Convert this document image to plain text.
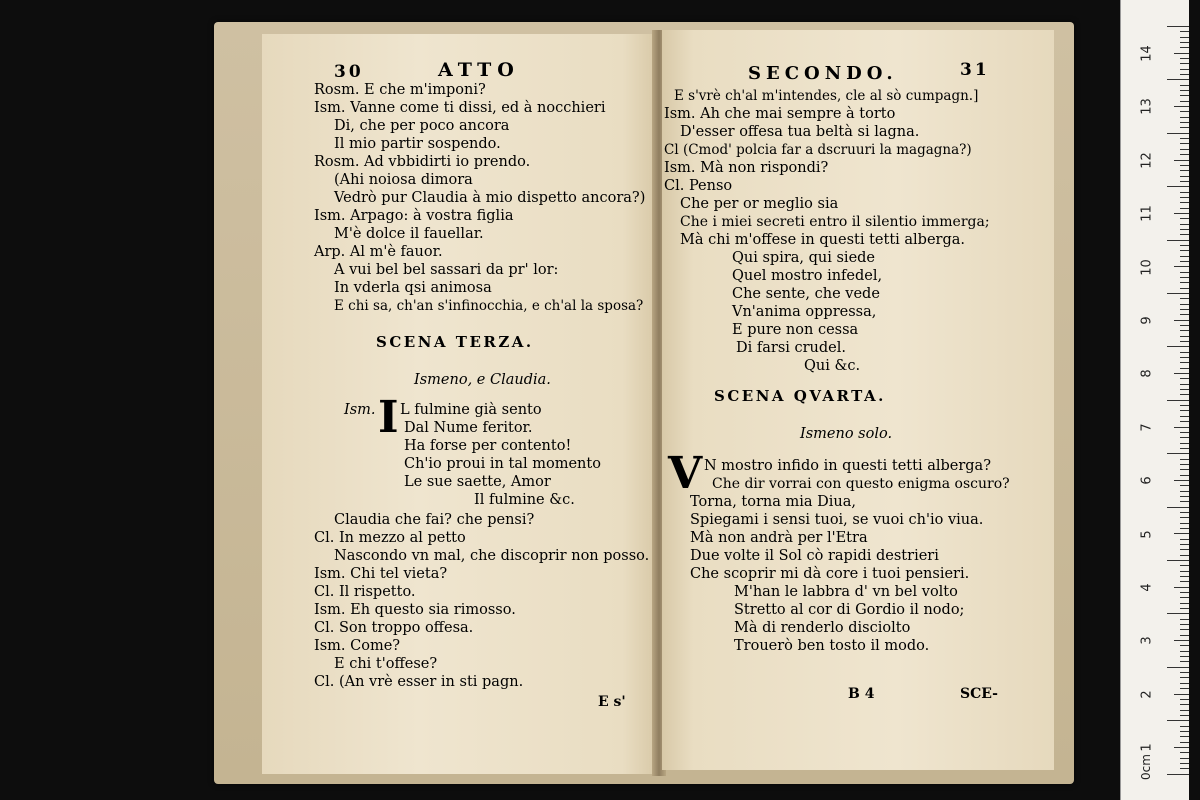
30	ATTO
Rosm. E che m'imponi?
Ism. Vanne come ti dissi, ed à nocchieri
Di, che per poco ancora
Il mio partir sospendo.
Rosm. Ad vbbidirti io prendo.
(Ahi noiosa dimora
Vedrò pur Claudia à mio dispetto ancora?)
Ism. Arpago: à vostra figlia
M'è dolce il fauellar.
Arp. Al m'è fauor.
A vui bel bel sassari da pr' lor:
In vderla qsi animosa
E chi sa, ch'an s'infinocchia, e ch'al la sposa?
SCENA TERZA.
Ismeno, e Claudia.
Ism. I L fulmine già sento
Dal Nume feritor.
Ha forse per contento!
Ch'io proui in tal momento
Le sue saette, Amor
Il fulmine &c.
Claudia che fai? che pensi?
Cl. In mezzo al petto
Nascondo vn mal, che discoprir non posso.
Ism. Chi tel vieta?
Cl. Il rispetto.
Ism. Eh questo sia rimosso.
Cl. Son troppo offesa.
Ism. Come?
E chi t'offese?
Cl. (An vrè esser in sti pagn.
E s'
SECONDO.	31
E s'vrè ch'al m'intendes, cle al sò cumpagn.]
Ism. Ah che mai sempre à torto
D'esser offesa tua beltà si lagna.
Cl (Cmod' polcia far a dscruuri la magagna?)
Ism. Mà non rispondi?
Cl. Penso
Che per or meglio sia
Che i miei secreti entro il silentio immerga;
Mà chi m'offese in questi tetti alberga.
Qui spira, qui siede
Quel mostro infedel,
Che sente, che vede
Vn'anima oppressa,
E pure non cessa
Di farsi crudel.
Qui &c.
SCENA QVARTA.
Ismeno solo.
V N mostro infido in questi tetti alberga?
Che dir vorrai con questo enigma oscuro?
Torna, torna mia Diua,
Spiegami i sensi tuoi, se vuoi ch'io viua.
Mà non andrà per l'Etra
Due volte il Sol cò rapidi destrieri
Che scoprir mi dà core i tuoi pensieri.
M'han le labbra d' vn bel volto
Stretto al cor di Gordio il nodo;
Mà di renderlo disciolto
Trouerò ben tosto il modo.
B 4	SCE-
14
13
12
11
10
9
8
7
6
5
4
3
2
1
0cm
